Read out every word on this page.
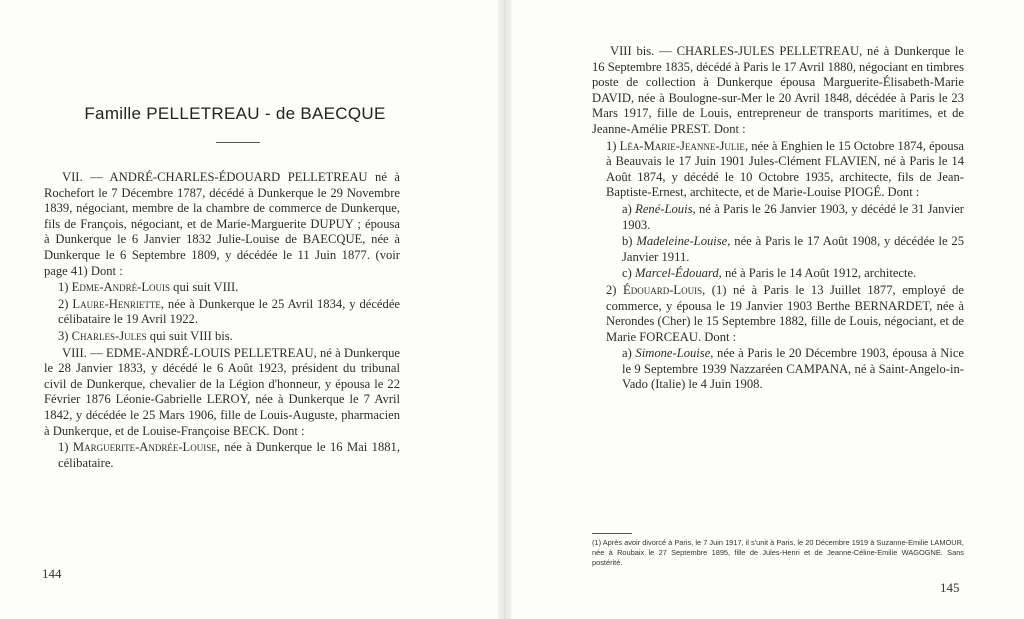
Famille PELLETREAU - de BAECQUE

VII. — ANDRÉ-CHARLES-ÉDOUARD PELLETREAU né à Rochefort le 7 Décembre 1787, décédé à Dunkerque le 29 Novembre 1839, négociant, membre de la chambre de commerce de Dunkerque, fils de François, négociant, et de Marie-Marguerite DUPUY ; épousa à Dunkerque le 6 Janvier 1832 Julie-Louise de BAECQUE, née à Dunkerque le 6 Septembre 1809, y décédée le 11 Juin 1877. (voir page 41) Dont :

1) Edme-André-Louis qui suit VIII.

2) Laure-Henriette, née à Dunkerque le 25 Avril 1834, y décédée célibataire le 19 Avril 1922.

3) Charles-Jules qui suit VIII bis.

VIII. — EDME-ANDRÉ-LOUIS PELLETREAU, né à Dunkerque le 28 Janvier 1833, y décédé le 6 Août 1923, président du tribunal civil de Dunkerque, chevalier de la Légion d'honneur, y épousa le 22 Février 1876 Léonie-Gabrielle LEROY, née à Dunkerque le 7 Avril 1842, y décédée le 25 Mars 1906, fille de Louis-Auguste, pharmacien à Dunkerque, et de Louise-Françoise BECK. Dont :

1) Marguerite-Andrée-Louise, née à Dunkerque le 16 Mai 1881, célibataire.

144

VIII bis. — CHARLES-JULES PELLETREAU, né à Dunkerque le 16 Septembre 1835, décédé à Paris le 17 Avril 1880, négociant en timbres poste de collection à Dunkerque épousa Marguerite-Élisabeth-Marie DAVID, née à Boulogne-sur-Mer le 20 Avril 1848, décédée à Paris le 23 Mars 1917, fille de Louis, entrepreneur de transports maritimes, et de Jeanne-Amélie PREST. Dont :

1) Léa-Marie-Jeanne-Julie, née à Enghien le 15 Octobre 1874, épousa à Beauvais le 17 Juin 1901 Jules-Clément FLAVIEN, né à Paris le 14 Août 1874, y décédé le 10 Octobre 1935, architecte, fils de Jean-Baptiste-Ernest, architecte, et de Marie-Louise PIOGÉ. Dont :

a) René-Louis, né à Paris le 26 Janvier 1903, y décédé le 31 Janvier 1903.

b) Madeleine-Louise, née à Paris le 17 Août 1908, y décédée le 25 Janvier 1911.

c) Marcel-Édouard, né à Paris le 14 Août 1912, architecte.

2) Édouard-Louis, (1) né à Paris le 13 Juillet 1877, employé de commerce, y épousa le 19 Janvier 1903 Berthe BERNARDET, née à Nerondes (Cher) le 15 Septembre 1882, fille de Louis, négociant, et de Marie FORCEAU. Dont :

a) Simone-Louise, née à Paris le 20 Décembre 1903, épousa à Nice le 9 Septembre 1939 Nazzaréen CAMPANA, né à Saint-Angelo-in-Vado (Italie) le 4 Juin 1908.

(1) Après avoir divorcé à Paris, le 7 Juin 1917, il s'unit à Paris, le 20 Décembre 1919 à Suzanne-Emilie LAMOUR, née à Roubaix le 27 Septembre 1895, fille de Jules-Henri et de Jeanne-Céline-Emilie WAGOGNE. Sans postérité.
145
